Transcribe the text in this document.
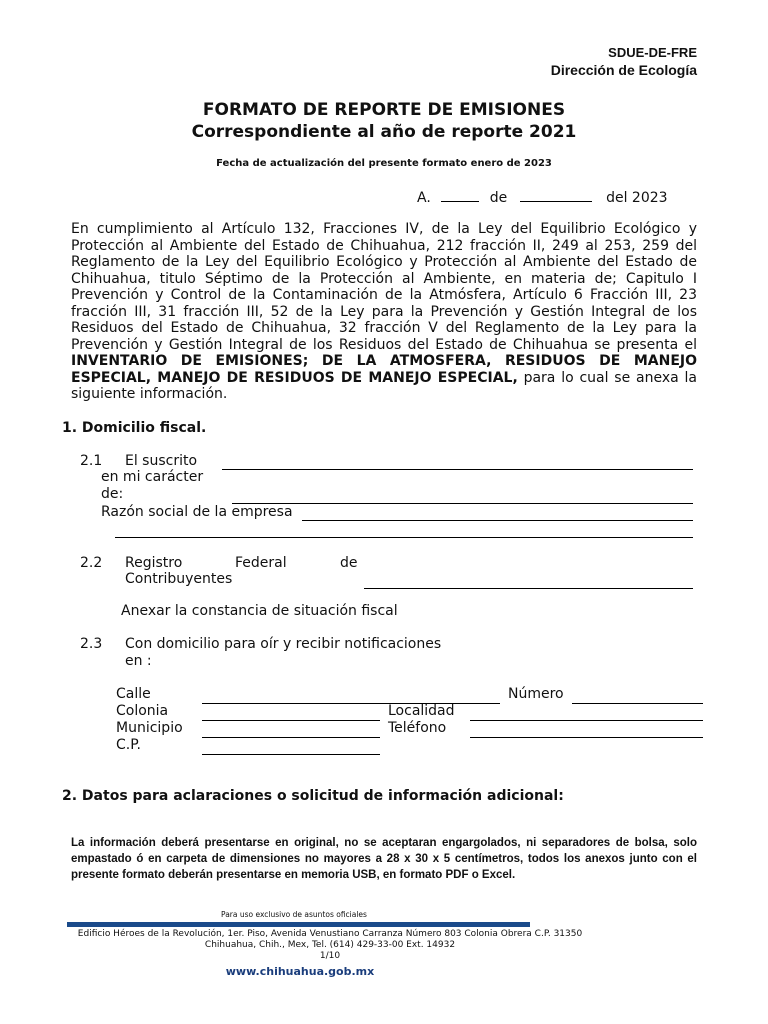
SDUE-DE-FRE
Dirección de Ecología
FORMATO DE REPORTE DE EMISIONES
Correspondiente al año de reporte 2021
Fecha de actualización del presente formato enero de 2023
A.	de	del 2023

En cumplimiento al Artículo 132, Fracciones IV, de la Ley del Equilibrio Ecológico y Protección al Ambiente del Estado de Chihuahua, 212 fracción II, 249 al 253, 259 del Reglamento de la Ley del Equilibrio Ecológico y Protección al Ambiente del Estado de Chihuahua, titulo Séptimo de la Protección al Ambiente, en materia de; Capitulo I Prevención y Control de la Contaminación de la Atmósfera, Artículo 6 Fracción III, 23 fracción III, 31 fracción III, 52 de la Ley para la Prevención y Gestión Integral de los Residuos del Estado de Chihuahua, 32 fracción V del Reglamento de la Ley para la Prevención y Gestión Integral de los Residuos del Estado de Chihuahua se presenta el INVENTARIO DE EMISIONES; DE LA ATMOSFERA, RESIDUOS DE MANEJO ESPECIAL, MANEJO DE RESIDUOS DE MANEJO ESPECIAL, para lo cual se anexa la siguiente información.

1. Domicilio fiscal.
2.1 El suscrito
en mi carácter
de:
Razón social de la empresa
2.2 Registro	Federal	de
Contribuyentes
Anexar la constancia de situación fiscal
2.3 Con domicilio para oír y recibir notificaciones
en :
Calle	Número
Colonia	Localidad
Municipio	Teléfono
C.P.
2. Datos para aclaraciones o solicitud de información adicional:

La información deberá presentarse en original, no se aceptaran engargolados, ni separadores de bolsa, solo empastado ó en carpeta de dimensiones no mayores a 28 x 30 x 5 centímetros, todos los anexos junto con el presente formato deberán presentarse en memoria USB, en formato PDF o Excel.

Para uso exclusivo de asuntos oficiales
Edificio Héroes de la Revolución, 1er. Piso, Avenida Venustiano Carranza Número 803 Colonia Obrera C.P. 31350
Chihuahua, Chih., Mex, Tel. (614) 429-33-00 Ext. 14932
1/10
www.chihuahua.gob.mx
